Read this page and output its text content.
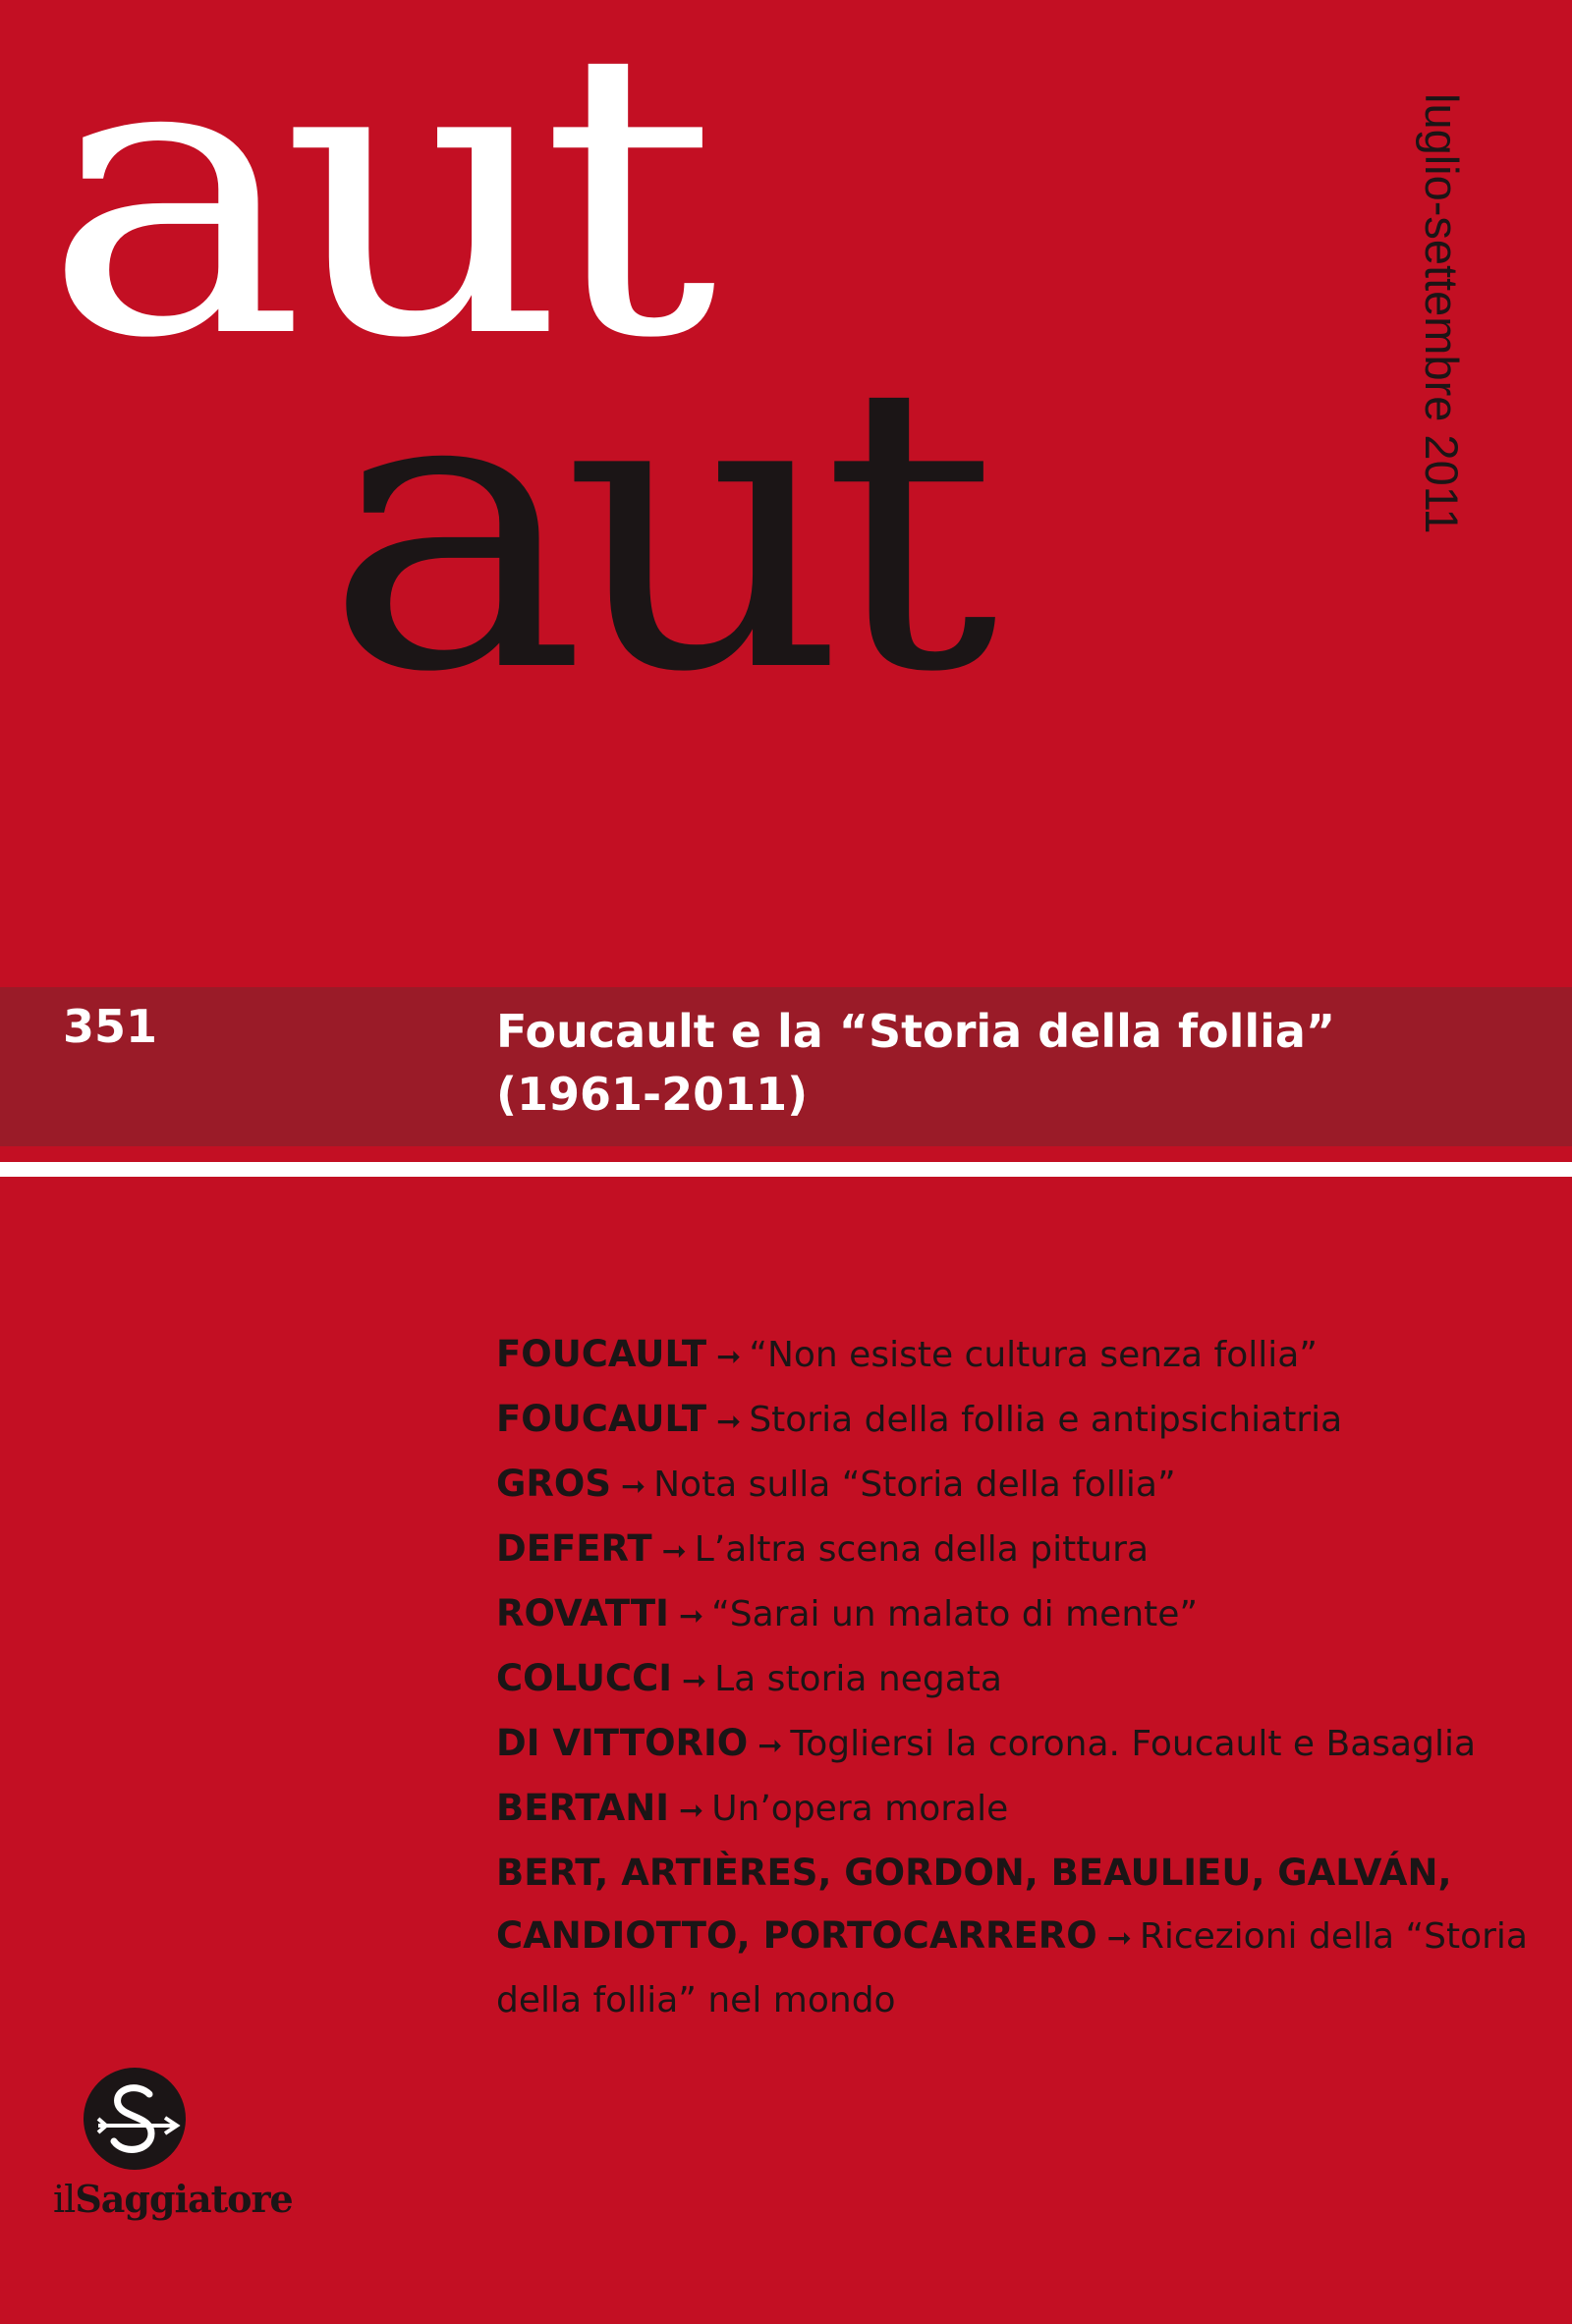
aut
aut	luglio-settembre 2011
351	Foucault e la “Storia della follia”
(1961-2011)
FOUCAULT ➞ “Non esiste cultura senza follia”
FOUCAULT ➞ Storia della follia e antipsichiatria
GROS ➞ Nota sulla “Storia della follia”
DEFERT ➞ L’altra scena della pittura
ROVATTI ➞ “Sarai un malato di mente”
COLUCCI ➞ La storia negata
DI VITTORIO ➞ Togliersi la corona. Foucault e Basaglia
BERTANI ➞ Un’opera morale
BERT, ARTIÈRES, GORDON, BEAULIEU, GALVÁN, CANDIOTTO, PORTOCARRERO ➞ Ricezioni della “Storia della follia” nel mondo
ilSaggiatore
